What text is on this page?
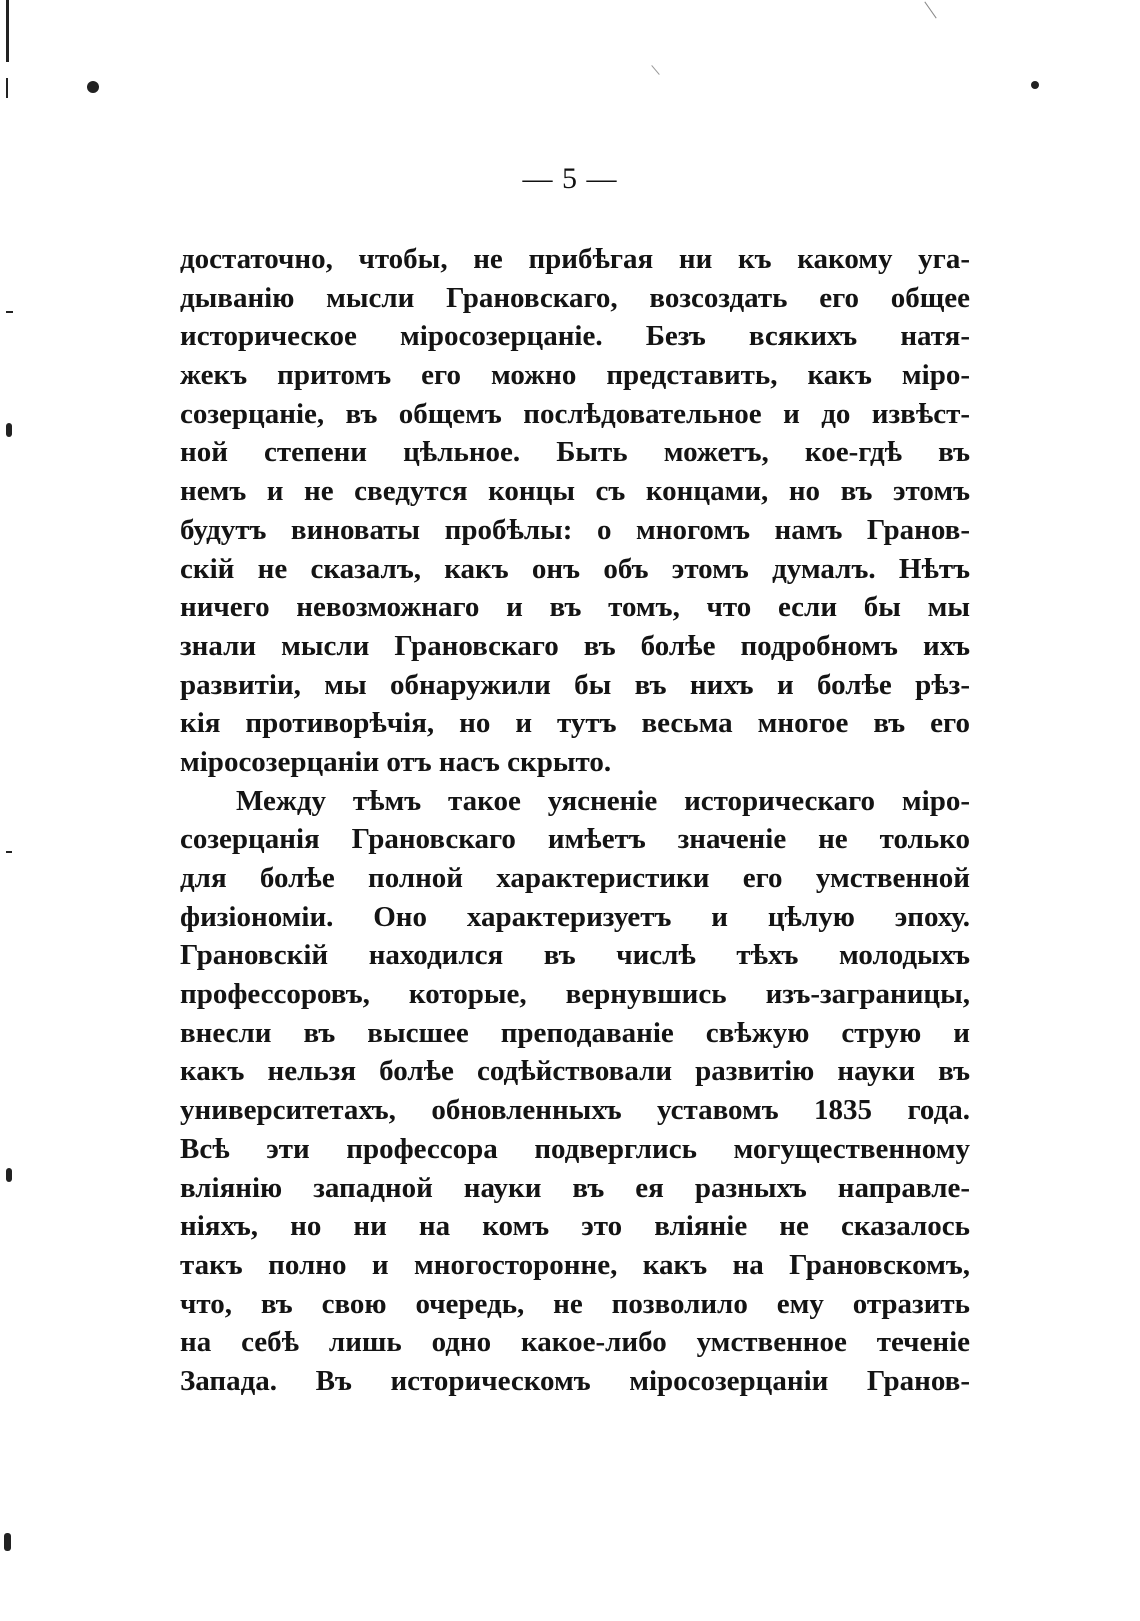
— 5 —
достаточно, чтобы, не прибѣгая ни къ какому уга-
дыванію мысли Грановскаго, возсоздать его общее
историческое міросозерцаніе. Безъ всякихъ натя-
жекъ притомъ его можно представить, какъ міро-
созерцаніе, въ общемъ послѣдовательное и до извѣст-
ной степени цѣльное. Быть можетъ, кое-гдѣ въ
немъ и не сведутся концы съ концами, но въ этомъ
будутъ виноваты пробѣлы: о многомъ намъ Гранов-
скій не сказалъ, какъ онъ объ этомъ думалъ. Нѣтъ
ничего невозможнаго и въ томъ, что если бы мы
знали мысли Грановскаго въ болѣе подробномъ ихъ
развитіи, мы обнаружили бы въ нихъ и болѣе рѣз-
кія противорѣчія, но и тутъ весьма многое въ его
міросозерцаніи отъ насъ скрыто.
Между тѣмъ такое уясненіе историческаго міро-
созерцанія Грановскаго имѣетъ значеніе не только
для болѣе полной характеристики его умственной
физіономіи. Оно характеризуетъ и цѣлую эпоху.
Грановскій находился въ числѣ тѣхъ молодыхъ
профессоровъ, которые, вернувшись изъ-заграницы,
внесли въ высшее преподаваніе свѣжую струю и
какъ нельзя болѣе содѣйствовали развитію науки въ
университетахъ, обновленныхъ уставомъ 1835 года.
Всѣ эти профессора подверглись могущественному
вліянію западной науки въ ея разныхъ направле-
ніяхъ, но ни на комъ это вліяніе не сказалось
такъ полно и многосторонне, какъ на Грановскомъ,
что, въ свою очередь, не позволило ему отразить
на себѣ лишь одно какое-либо умственное теченіе
Запада. Въ историческомъ міросозерцаніи Гранов-
